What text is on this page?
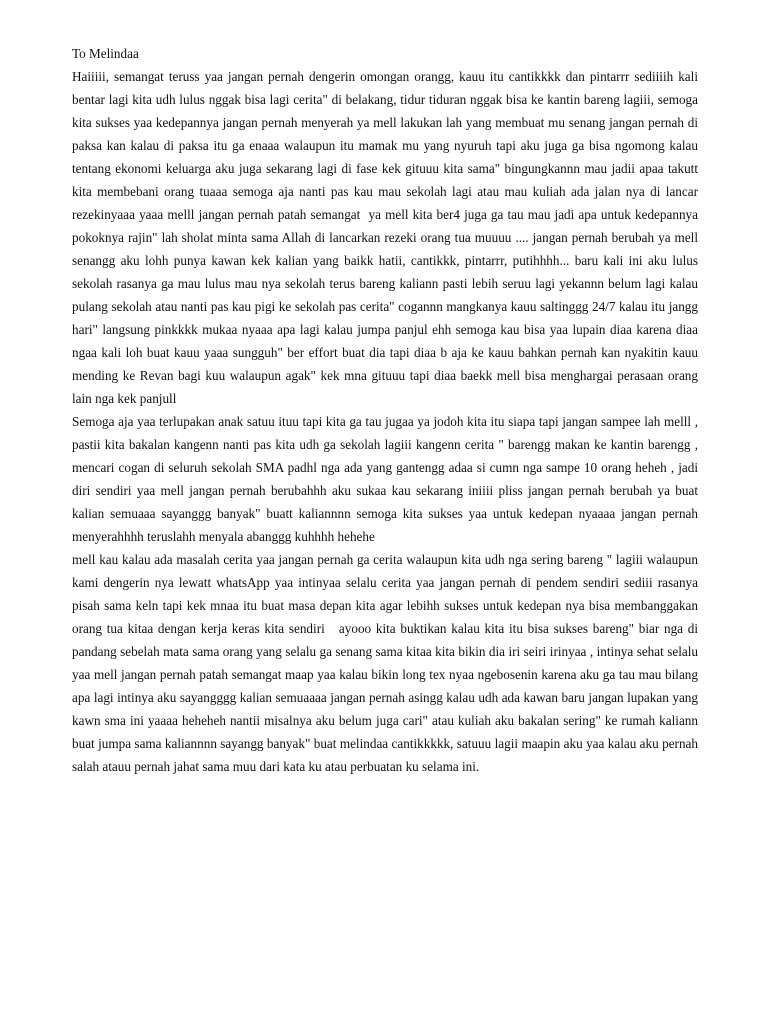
To Melindaa

Haiiiii, semangat teruss yaa jangan pernah dengerin omongan orangg, kauu itu cantikkkk dan pintarrr sediiiih kali bentar lagi kita udh lulus nggak bisa lagi cerita" di belakang, tidur tiduran nggak bisa ke kantin bareng lagiii, semoga kita sukses yaa kedepannya jangan pernah menyerah ya mell lakukan lah yang membuat mu senang jangan pernah di paksa kan kalau di paksa itu ga enaaa walaupun itu mamak mu yang nyuruh tapi aku juga ga bisa ngomong kalau tentang ekonomi keluarga aku juga sekarang lagi di fase kek gituuu kita sama" bingungkannn mau jadii apaa takutt kita membebani orang tuaaa semoga aja nanti pas kau mau sekolah lagi atau mau kuliah ada jalan nya di lancar rezekinyaaa yaaa melll jangan pernah patah semangat  ya mell kita ber4 juga ga tau mau jadi apa untuk kedepannya pokoknya rajin" lah sholat minta sama Allah di lancarkan rezeki orang tua muuuu .... jangan pernah berubah ya mell senangg aku lohh punya kawan kek kalian yang baikk hatii, cantikkk, pintarrr, putihhhh... baru kali ini aku lulus sekolah rasanya ga mau lulus mau nya sekolah terus bareng kaliann pasti lebih seruu lagi yekannn belum lagi kalau pulang sekolah atau nanti pas kau pigi ke sekolah pas cerita" cogannn mangkanya kauu saltinggg 24/7 kalau itu jangg hari" langsung pinkkkk mukaa nyaaa apa lagi kalau jumpa panjul ehh semoga kau bisa yaa lupain diaa karena diaa ngaa kali loh buat kauu yaaa sungguh" ber effort buat dia tapi diaa b aja ke kauu bahkan pernah kan nyakitin kauu mending ke Revan bagi kuu walaupun agak" kek mna gituuu tapi diaa baekk mell bisa menghargai perasaan orang lain nga kek panjull

Semoga aja yaa terlupakan anak satuu ituu tapi kita ga tau jugaa ya jodoh kita itu siapa tapi jangan sampee lah melll , pastii kita bakalan kangenn nanti pas kita udh ga sekolah lagiii kangenn cerita " barengg makan ke kantin barengg , mencari cogan di seluruh sekolah SMA padhl nga ada yang gantengg adaa si cumn nga sampe 10 orang heheh , jadi diri sendiri yaa mell jangan pernah berubahhh aku sukaa kau sekarang iniiii pliss jangan pernah berubah ya buat kalian semuaaa sayanggg banyak" buatt kaliannnn semoga kita sukses yaa untuk kedepan nyaaaa jangan pernah menyerahhhh teruslahh menyala abanggg kuhhhh hehehe

mell kau kalau ada masalah cerita yaa jangan pernah ga cerita walaupun kita udh nga sering bareng " lagiii walaupun kami dengerin nya lewatt whatsApp yaa intinyaa selalu cerita yaa jangan pernah di pendem sendiri sediii rasanya pisah sama keln tapi kek mnaa itu buat masa depan kita agar lebihh sukses untuk kedepan nya bisa membanggakan orang tua kitaa dengan kerja keras kita sendiri   ayooo kita buktikan kalau kita itu bisa sukses bareng" biar nga di pandang sebelah mata sama orang yang selalu ga senang sama kitaa kita bikin dia iri seiri irinyaa , intinya sehat selalu yaa mell jangan pernah patah semangat maap yaa kalau bikin long tex nyaa ngebosenin karena aku ga tau mau bilang apa lagi intinya aku sayangggg kalian semuaaaa jangan pernah asingg kalau udh ada kawan baru jangan lupakan yang kawn sma ini yaaaa heheheh nantii misalnya aku belum juga cari" atau kuliah aku bakalan sering" ke rumah kaliann buat jumpa sama kaliannnn sayangg banyak" buat melindaa cantikkkkk, satuuu lagii maapin aku yaa kalau aku pernah salah atauu pernah jahat sama muu dari kata ku atau perbuatan ku selama ini.
